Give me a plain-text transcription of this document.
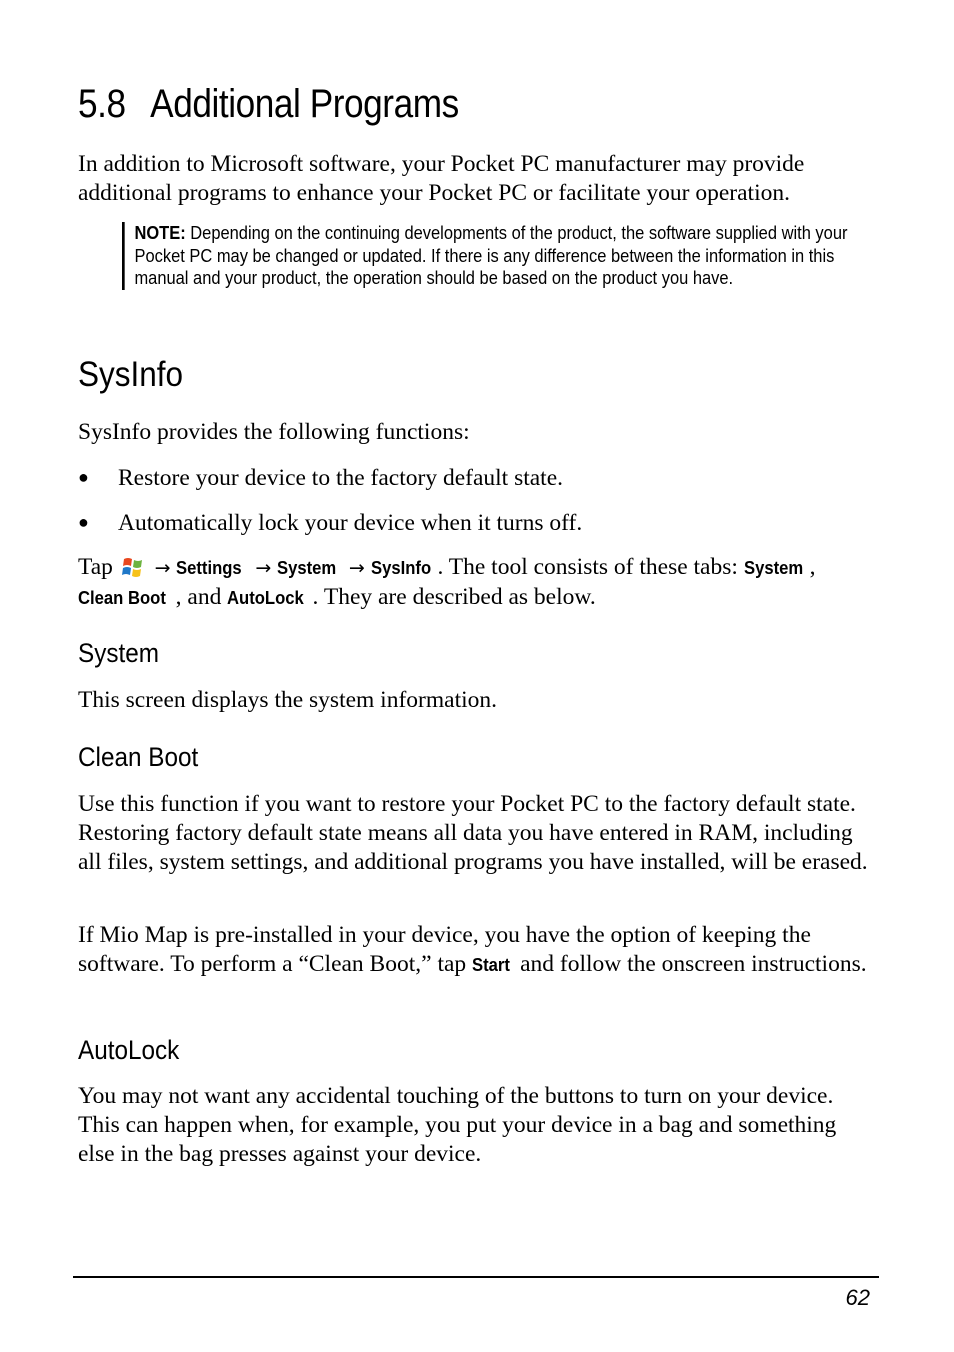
5.8 Additional Programs

In addition to Microsoft software, your Pocket PC manufacturer may provide additional programs to enhance your Pocket PC or facilitate your operation.

NOTE: Depending on the continuing developments of the product, the software supplied with your Pocket PC may be changed or updated. If there is any difference between the information in this manual and your product, the operation should be based on the product you have.
SysInfo

SysInfo provides the following functions:

● Restore your device to the factory default state.

● Automatically lock your device when it turns off.

Tap  → Settings → System → SysInfo . The tool consists of these tabs: System ,
Clean Boot , and AutoLock . They are described as below.

System

This screen displays the system information.

Clean Boot

Use this function if you want to restore your Pocket PC to the factory default state. Restoring factory default state means all data you have entered in RAM, including all files, system settings, and additional programs you have installed, will be erased.

If Mio Map is pre-installed in your device, you have the option of keeping the software. To perform a “Clean Boot,” tap Start and follow the onscreen instructions.

AutoLock

You may not want any accidental touching of the buttons to turn on your device. This can happen when, for example, you put your device in a bag and something else in the bag presses against your device.

62
